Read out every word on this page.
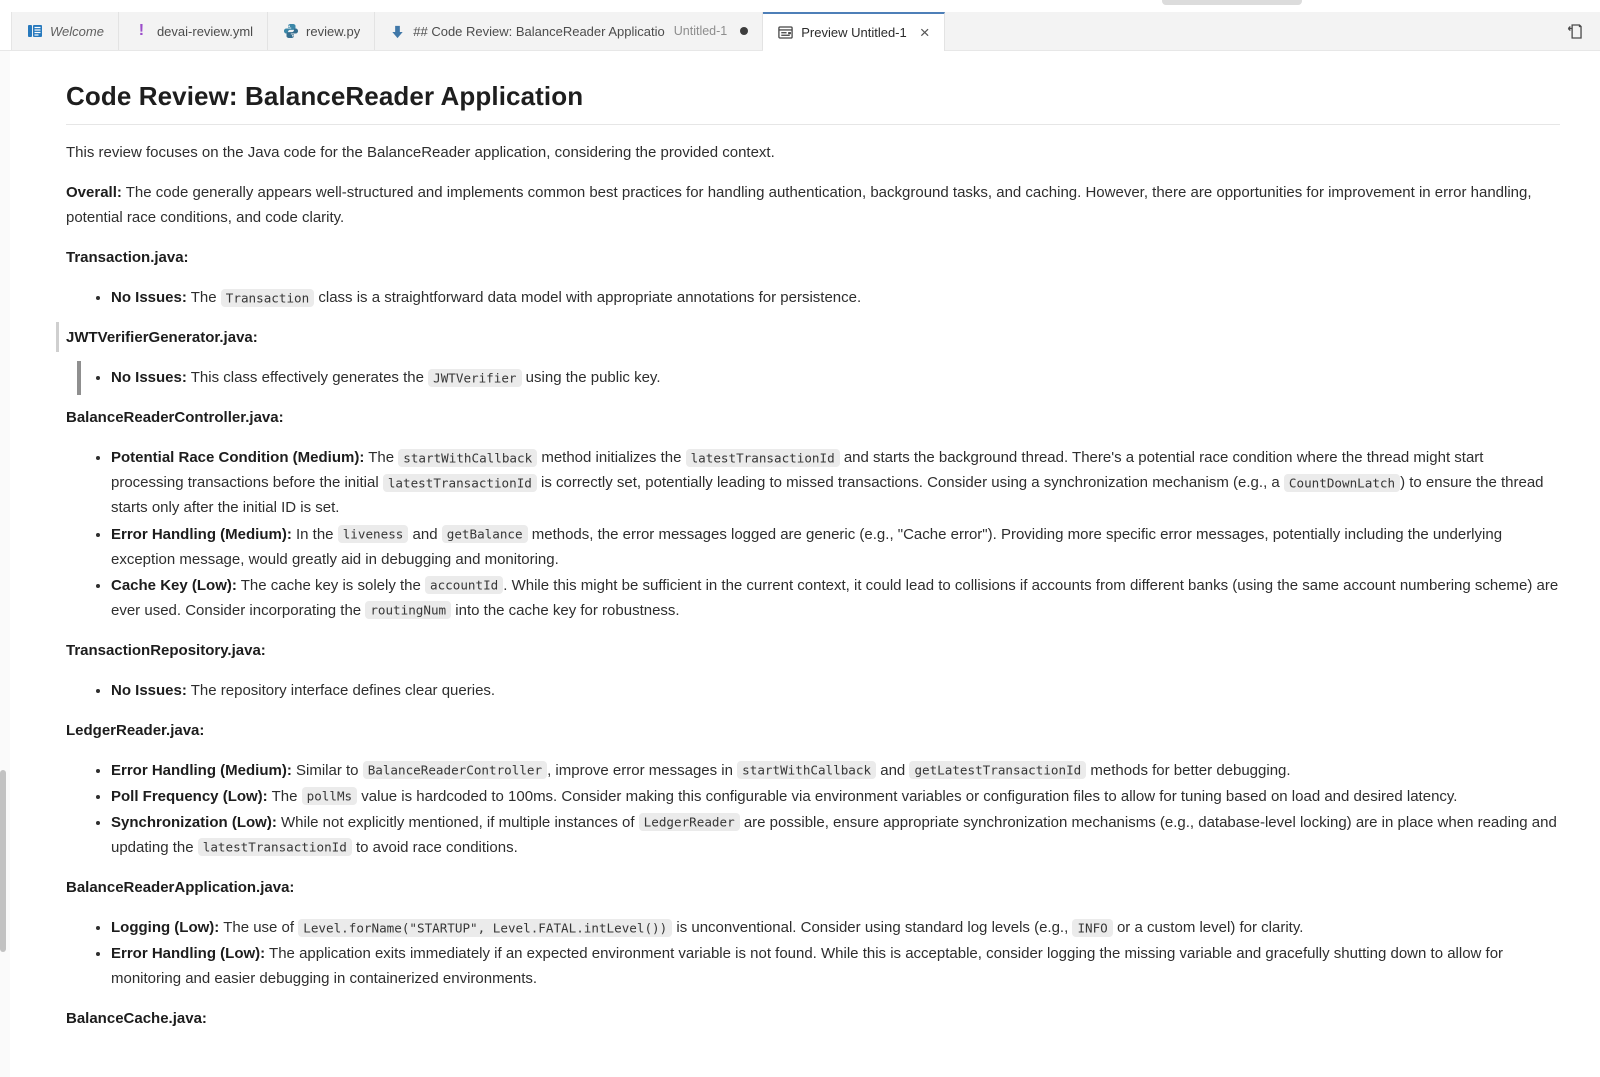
Welcome	! devai-review.yml	review.py	## Code Review: BalanceReader Applicatio Untitled-1	Preview Untitled-1 ×
Code Review: BalanceReader Application

This review focuses on the Java code for the BalanceReader application, considering the provided context.

Overall: The code generally appears well-structured and implements common best practices for handling authentication, background tasks, and caching. However, there are opportunities for improvement in error handling, potential race conditions, and code clarity.

Transaction.java:

• No Issues: The Transaction class is a straightforward data model with appropriate annotations for persistence.

JWTVerifierGenerator.java:

• No Issues: This class effectively generates the JWTVerifier using the public key.

BalanceReaderController.java:

• Potential Race Condition (Medium): The startWithCallback method initializes the latestTransactionId and starts the background thread. There's a potential race condition where the thread might start processing transactions before the initial latestTransactionId is correctly set, potentially leading to missed transactions. Consider using a synchronization mechanism (e.g., a CountDownLatch ) to ensure the thread starts only after the initial ID is set.
• Error Handling (Medium): In the liveness and getBalance methods, the error messages logged are generic (e.g., "Cache error"). Providing more specific error messages, potentially including the underlying exception message, would greatly aid in debugging and monitoring.
• Cache Key (Low): The cache key is solely the accountId . While this might be sufficient in the current context, it could lead to collisions if accounts from different banks (using the same account numbering scheme) are ever used. Consider incorporating the routingNum into the cache key for robustness.

TransactionRepository.java:

• No Issues: The repository interface defines clear queries.

LedgerReader.java:

• Error Handling (Medium): Similar to BalanceReaderController , improve error messages in startWithCallback and getLatestTransactionId methods for better debugging.
• Poll Frequency (Low): The pollMs value is hardcoded to 100ms. Consider making this configurable via environment variables or configuration files to allow for tuning based on load and desired latency.
• Synchronization (Low): While not explicitly mentioned, if multiple instances of LedgerReader are possible, ensure appropriate synchronization mechanisms (e.g., database-level locking) are in place when reading and updating the latestTransactionId to avoid race conditions.

BalanceReaderApplication.java:

• Logging (Low): The use of Level.forName("STARTUP", Level.FATAL.intLevel()) is unconventional. Consider using standard log levels (e.g., INFO or a custom level) for clarity.
• Error Handling (Low): The application exits immediately if an expected environment variable is not found. While this is acceptable, consider logging the missing variable and gracefully shutting down to allow for monitoring and easier debugging in containerized environments.

BalanceCache.java:
